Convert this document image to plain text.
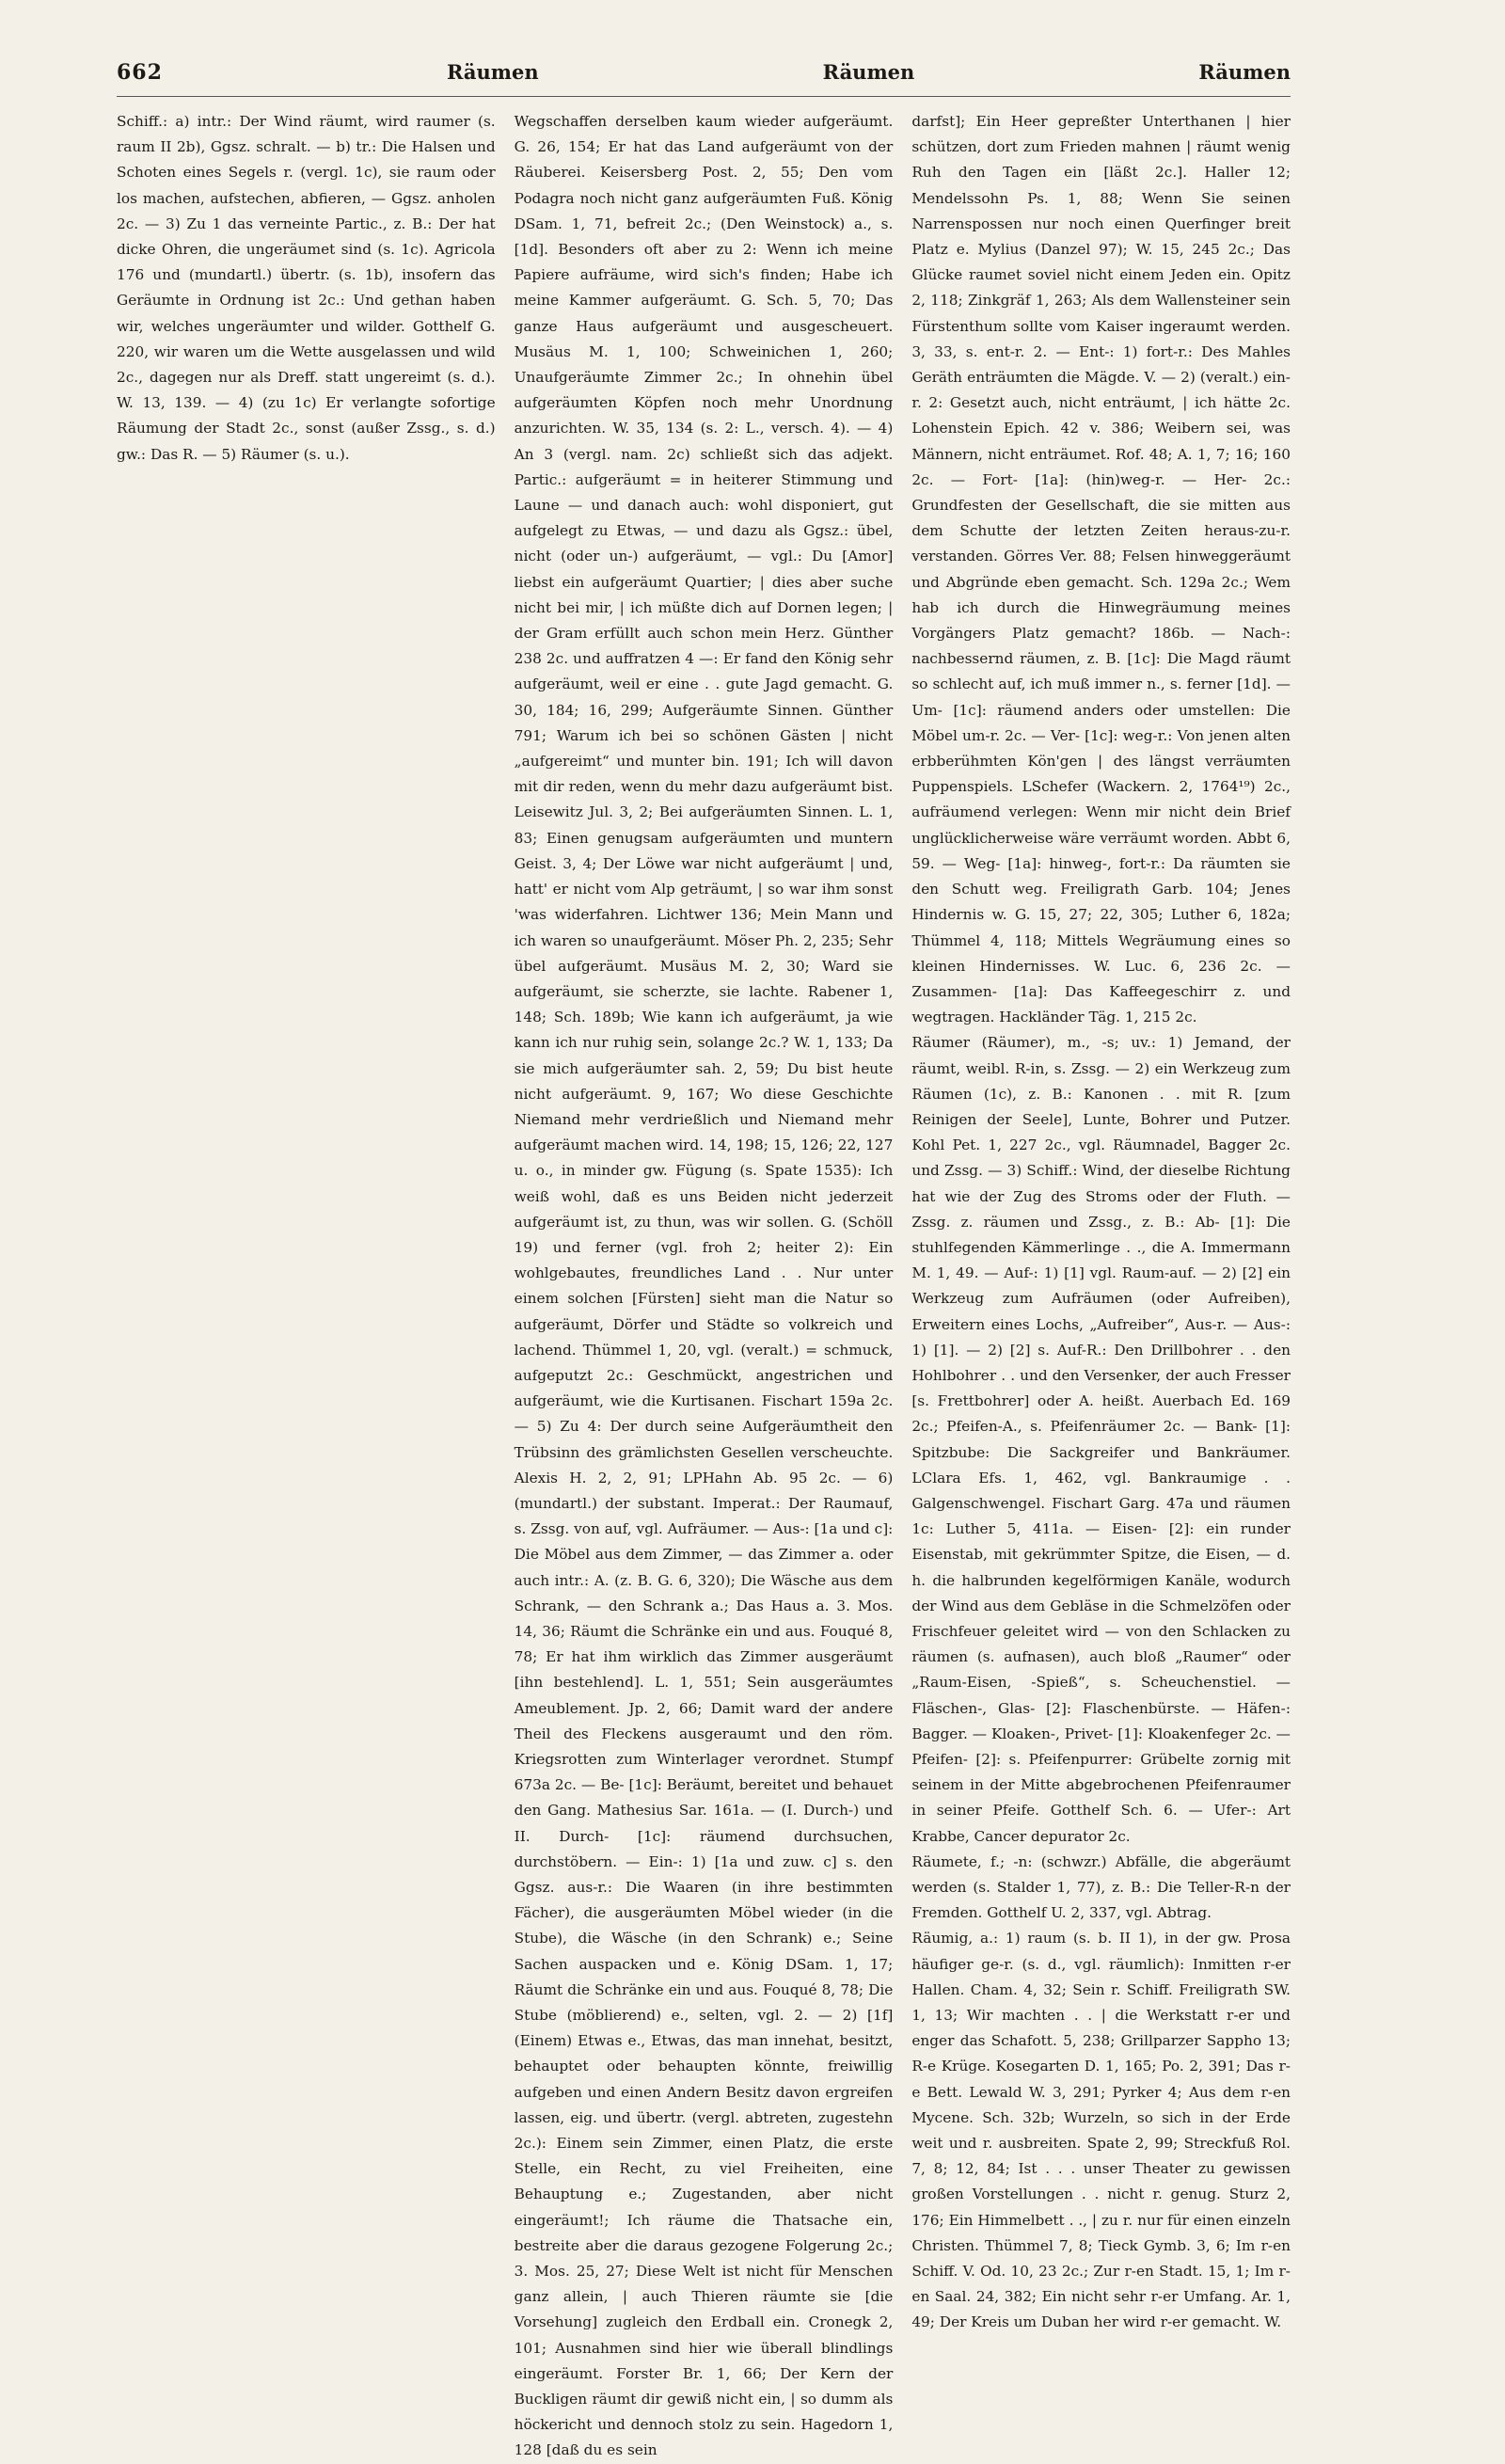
662	Räumen	Räumen	Räumen

Schiff.: a) intr.: Der Wind räumt, wird raumer (s. raum II 2b), Ggsz. schralt. — b) tr.: Die Halsen und Schoten eines Segels r. (vergl. 1c), sie raum oder los machen, aufstechen, abfieren, — Ggsz. anholen 2c. — 3) Zu 1 das verneinte Partic., z. B.: Der hat dicke Ohren, die ungeräumet sind (s. 1c). Agricola 176 und (mundartl.) übertr. (s. 1b), insofern das Geräumte in Ordnung ist 2c.: Und gethan haben wir, welches ungeräumter und wilder. Gotthelf G. 220, wir waren um die Wette ausgelassen und wild 2c., dagegen nur als Dreff. statt ungereimt (s. d.). W. 13, 139. — 4) (zu 1c) Er verlangte sofortige Räumung der Stadt 2c., sonst (außer Zssg., s. d.) gw.: Das R. — 5) Räumer (s. u.).

Wegschaffen derselben kaum wieder aufgeräumt. G. 26, 154; Er hat das Land aufgeräumt von der Räuberei. Keisersberg Post. 2, 55; Den vom Podagra noch nicht ganz aufgeräumten Fuß. König DSam. 1, 71, befreit 2c.; (Den Weinstock) a., s. [1d]. Besonders oft aber zu 2: Wenn ich meine Papiere aufräume, wird sich's finden; Habe ich meine Kammer aufgeräumt. G. Sch. 5, 70; Das ganze Haus aufgeräumt und ausgescheuert. Musäus M. 1, 100; Schweinichen 1, 260; Unaufgeräumte Zimmer 2c.; In ohnehin übel aufgeräumten Köpfen noch mehr Unordnung anzurichten. W. 35, 134 (s. 2: L., versch. 4). — 4) An 3 (vergl. nam. 2c) schließt sich das adjekt. Partic.: aufgeräumt = in heiterer Stimmung und Laune — und danach auch: wohl disponiert, gut aufgelegt zu Etwas, — und dazu als Ggsz.: übel, nicht (oder un-) aufgeräumt, — vgl.: Du [Amor] liebst ein aufgeräumt Quartier; | dies aber suche nicht bei mir, | ich müßte dich auf Dornen legen; | der Gram erfüllt auch schon mein Herz. Günther 238 2c. und auffratzen 4 —: Er fand den König sehr aufgeräumt, weil er eine . . gute Jagd gemacht. G. 30, 184; 16, 299; Aufgeräumte Sinnen. Günther 791; Warum ich bei so schönen Gästen | nicht „aufgereimt“ und munter bin. 191; Ich will davon mit dir reden, wenn du mehr dazu aufgeräumt bist. Leisewitz Jul. 3, 2; Bei aufgeräumten Sinnen. L. 1, 83; Einen genugsam aufgeräumten und muntern Geist. 3, 4; Der Löwe war nicht aufgeräumt | und, hatt' er nicht vom Alp geträumt, | so war ihm sonst 'was widerfahren. Lichtwer 136; Mein Mann und ich waren so unaufgeräumt. Möser Ph. 2, 235; Sehr übel aufgeräumt. Musäus M. 2, 30; Ward sie aufgeräumt, sie scherzte, sie lachte. Rabener 1, 148; Sch. 189b; Wie kann ich aufgeräumt, ja wie kann ich nur ruhig sein, solange 2c.? W. 1, 133; Da sie mich aufgeräumter sah. 2, 59; Du bist heute nicht aufgeräumt. 9, 167; Wo diese Geschichte Niemand mehr verdrießlich und Niemand mehr aufgeräumt machen wird. 14, 198; 15, 126; 22, 127 u. o., in minder gw. Fügung (s. Spate 1535): Ich weiß wohl, daß es uns Beiden nicht jederzeit aufgeräumt ist, zu thun, was wir sollen. G. (Schöll 19) und ferner (vgl. froh 2; heiter 2): Ein wohlgebautes, freundliches Land . . Nur unter einem solchen [Fürsten] sieht man die Natur so aufgeräumt, Dörfer und Städte so volkreich und lachend. Thümmel 1, 20, vgl. (veralt.) = schmuck, aufgeputzt 2c.: Geschmückt, angestrichen und aufgeräumt, wie die Kurtisanen. Fischart 159a 2c. — 5) Zu 4: Der durch seine Aufgeräumtheit den Trübsinn des grämlichsten Gesellen verscheuchte. Alexis H. 2, 2, 91; LPHahn Ab. 95 2c. — 6) (mundartl.) der substant. Imperat.: Der Raumauf, s. Zssg. von auf, vgl. Aufräumer. — Aus-: [1a und c]: Die Möbel aus dem Zimmer, — das Zimmer a. oder auch intr.: A. (z. B. G. 6, 320); Die Wäsche aus dem Schrank, — den Schrank a.; Das Haus a. 3. Mos. 14, 36; Räumt die Schränke ein und aus. Fouqué 8, 78; Er hat ihm wirklich das Zimmer ausgeräumt [ihn bestehlend]. L. 1, 551; Sein ausgeräumtes Ameublement. Jp. 2, 66; Damit ward der andere Theil des Fleckens ausgeraumt und den röm. Kriegsrotten zum Winterlager verordnet. Stumpf 673a 2c. — Be- [1c]: Beräumt, bereitet und behauet den Gang. Mathesius Sar. 161a. — (I. Durch-) und II. Durch- [1c]: räumend durchsuchen, durchstöbern. — Ein-: 1) [1a und zuw. c] s. den Ggsz. aus-r.: Die Waaren (in ihre bestimmten Fächer), die ausgeräumten Möbel wieder (in die Stube), die Wäsche (in den Schrank) e.; Seine Sachen auspacken und e. König DSam. 1, 17; Räumt die Schränke ein und aus. Fouqué 8, 78; Die Stube (möblierend) e., selten, vgl. 2. — 2) [1f] (Einem) Etwas e., Etwas, das man innehat, besitzt, behauptet oder behaupten könnte, freiwillig aufgeben und einen Andern Besitz davon ergreifen lassen, eig. und übertr. (vergl. abtreten, zugestehn 2c.): Einem sein Zimmer, einen Platz, die erste Stelle, ein Recht, zu viel Freiheiten, eine Behauptung e.; Zugestanden, aber nicht eingeräumt!; Ich räume die Thatsache ein, bestreite aber die daraus gezogene Folgerung 2c.; 3. Mos. 25, 27; Diese Welt ist nicht für Menschen ganz allein, | auch Thieren räumte sie [die Vorsehung] zugleich den Erdball ein. Cronegk 2, 101; Ausnahmen sind hier wie überall blindlings eingeräumt. Forster Br. 1, 66; Der Kern der Buckligen räumt dir gewiß nicht ein, | so dumm als höckericht und dennoch stolz zu sein. Hagedorn 1, 128 [daß du es sein

darfst]; Ein Heer gepreßter Unterthanen | hier schützen, dort zum Frieden mahnen | räumt wenig Ruh den Tagen ein [läßt 2c.]. Haller 12; Mendelssohn Ps. 1, 88; Wenn Sie seinen Narrenspossen nur noch einen Querfinger breit Platz e. Mylius (Danzel 97); W. 15, 245 2c.; Das Glücke raumet soviel nicht einem Jeden ein. Opitz 2, 118; Zinkgräf 1, 263; Als dem Wallensteiner sein Fürstenthum sollte vom Kaiser ingeraumt werden. 3, 33, s. ent-r. 2. — Ent-: 1) fort-r.: Des Mahles Geräth enträumten die Mägde. V. — 2) (veralt.) ein-r. 2: Gesetzt auch, nicht enträumt, | ich hätte 2c. Lohenstein Epich. 42 v. 386; Weibern sei, was Männern, nicht enträumet. Rof. 48; A. 1, 7; 16; 160 2c. — Fort- [1a]: (hin)weg-r. — Her- 2c.: Grundfesten der Gesellschaft, die sie mitten aus dem Schutte der letzten Zeiten heraus-zu-r. verstanden. Görres Ver. 88; Felsen hinweggeräumt und Abgründe eben gemacht. Sch. 129a 2c.; Wem hab ich durch die Hinwegräumung meines Vorgängers Platz gemacht? 186b. — Nach-: nachbessernd räumen, z. B. [1c]: Die Magd räumt so schlecht auf, ich muß immer n., s. ferner [1d]. — Um- [1c]: räumend anders oder umstellen: Die Möbel um-r. 2c. — Ver- [1c]: weg-r.: Von jenen alten erbberühmten Kön'gen | des längst verräumten Puppenspiels. LSchefer (Wackern. 2, 1764¹⁹) 2c., aufräumend verlegen: Wenn mir nicht dein Brief unglücklicherweise wäre verräumt worden. Abbt 6, 59. — Weg- [1a]: hinweg-, fort-r.: Da räumten sie den Schutt weg. Freiligrath Garb. 104; Jenes Hindernis w. G. 15, 27; 22, 305; Luther 6, 182a; Thümmel 4, 118; Mittels Wegräumung eines so kleinen Hindernisses. W. Luc. 6, 236 2c. — Zusammen- [1a]: Das Kaffeegeschirr z. und wegtragen. Hackländer Täg. 1, 215 2c.

Räumer (Räumer), m., -s; uv.: 1) Jemand, der räumt, weibl. R-in, s. Zssg. — 2) ein Werkzeug zum Räumen (1c), z. B.: Kanonen . . mit R. [zum Reinigen der Seele], Lunte, Bohrer und Putzer. Kohl Pet. 1, 227 2c., vgl. Räumnadel, Bagger 2c. und Zssg. — 3) Schiff.: Wind, der dieselbe Richtung hat wie der Zug des Stroms oder der Fluth. — Zssg. z. räumen und Zssg., z. B.: Ab- [1]: Die stuhlfegenden Kämmerlinge . ., die A. Immermann M. 1, 49. — Auf-: 1) [1] vgl. Raum-auf. — 2) [2] ein Werkzeug zum Aufräumen (oder Aufreiben), Erweitern eines Lochs, „Aufreiber“, Aus-r. — Aus-: 1) [1]. — 2) [2] s. Auf-R.: Den Drillbohrer . . den Hohlbohrer . . und den Versenker, der auch Fresser [s. Frettbohrer] oder A. heißt. Auerbach Ed. 169 2c.; Pfeifen-A., s. Pfeifenräumer 2c. — Bank- [1]: Spitzbube: Die Sackgreifer und Bankräumer. LClara Efs. 1, 462, vgl. Bankraumige . . Galgenschwengel. Fischart Garg. 47a und räumen 1c: Luther 5, 411a. — Eisen- [2]: ein runder Eisenstab, mit gekrümmter Spitze, die Eisen, — d. h. die halbrunden kegelförmigen Kanäle, wodurch der Wind aus dem Gebläse in die Schmelzöfen oder Frischfeuer geleitet wird — von den Schlacken zu räumen (s. aufnasen), auch bloß „Raumer“ oder „Raum-Eisen, -Spieß“, s. Scheuchenstiel. — Fläschen-, Glas- [2]: Flaschenbürste. — Häfen-: Bagger. — Kloaken-, Privet- [1]: Kloakenfeger 2c. — Pfeifen- [2]: s. Pfeifenpurrer: Grübelte zornig mit seinem in der Mitte abgebrochenen Pfeifenraumer in seiner Pfeife. Gotthelf Sch. 6. — Ufer-: Art Krabbe, Cancer depurator 2c.

Räumete, f.; -n: (schwzr.) Abfälle, die abgeräumt werden (s. Stalder 1, 77), z. B.: Die Teller-R-n der Fremden. Gotthelf U. 2, 337, vgl. Abtrag.

Räumig, a.: 1) raum (s. b. II 1), in der gw. Prosa häufiger ge-r. (s. d., vgl. räumlich): Inmitten r-er Hallen. Cham. 4, 32; Sein r. Schiff. Freiligrath SW. 1, 13; Wir machten . . | die Werkstatt r-er und enger das Schafott. 5, 238; Grillparzer Sappho 13; R-e Krüge. Kosegarten D. 1, 165; Po. 2, 391; Das r-e Bett. Lewald W. 3, 291; Pyrker 4; Aus dem r-en Mycene. Sch. 32b; Wurzeln, so sich in der Erde weit und r. ausbreiten. Spate 2, 99; Streckfuß Rol. 7, 8; 12, 84; Ist . . . unser Theater zu gewissen großen Vorstellungen . . nicht r. genug. Sturz 2, 176; Ein Himmelbett . ., | zu r. nur für einen einzeln Christen. Thümmel 7, 8; Tieck Gymb. 3, 6; Im r-en Schiff. V. Od. 10, 23 2c.; Zur r-en Stadt. 15, 1; Im r-en Saal. 24, 382; Ein nicht sehr r-er Umfang. Ar. 1, 49; Der Kreis um Duban her wird r-er gemacht. W.
